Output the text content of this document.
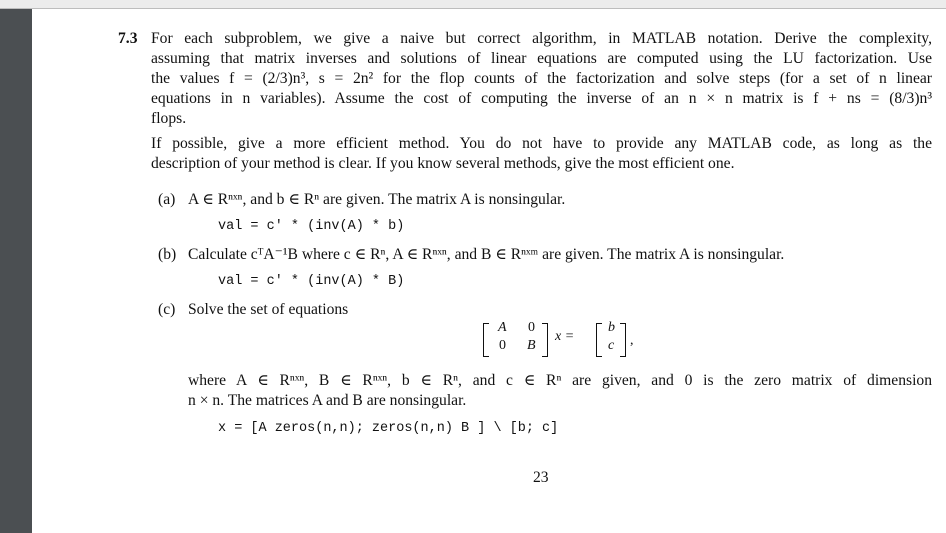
7.3 For each subproblem, we give a naive but correct algorithm, in MATLAB notation. Derive the complexity,
assuming that matrix inverses and solutions of linear equations are computed using the LU factorization. Use
the values f = (2/3)n³, s = 2n² for the flop counts of the factorization and solve steps (for a set of n linear
equations in n variables). Assume the cost of computing the inverse of an n × n matrix is f + ns = (8/3)n³
flops.
If possible, give a more efficient method. You do not have to provide any MATLAB code, as long as the
description of your method is clear. If you know several methods, give the most efficient one.
(a) A ∈ Rⁿˣⁿ, and b ∈ Rⁿ are given. The matrix A is nonsingular.
val = c' * (inv(A) * b)
(b) Calculate cᵀA⁻¹B where c ∈ Rⁿ, A ∈ Rⁿˣⁿ, and B ∈ Rⁿˣᵐ are given. The matrix A is nonsingular.
val = c' * (inv(A) * B)
(c) Solve the set of equations
A 0
0 B
x =
b
c ,
where A ∈ Rⁿˣⁿ, B ∈ Rⁿˣⁿ, b ∈ Rⁿ, and c ∈ Rⁿ are given, and 0 is the zero matrix of dimension
n × n. The matrices A and B are nonsingular.
x = [A zeros(n,n); zeros(n,n) B ] \ [b; c]
23
